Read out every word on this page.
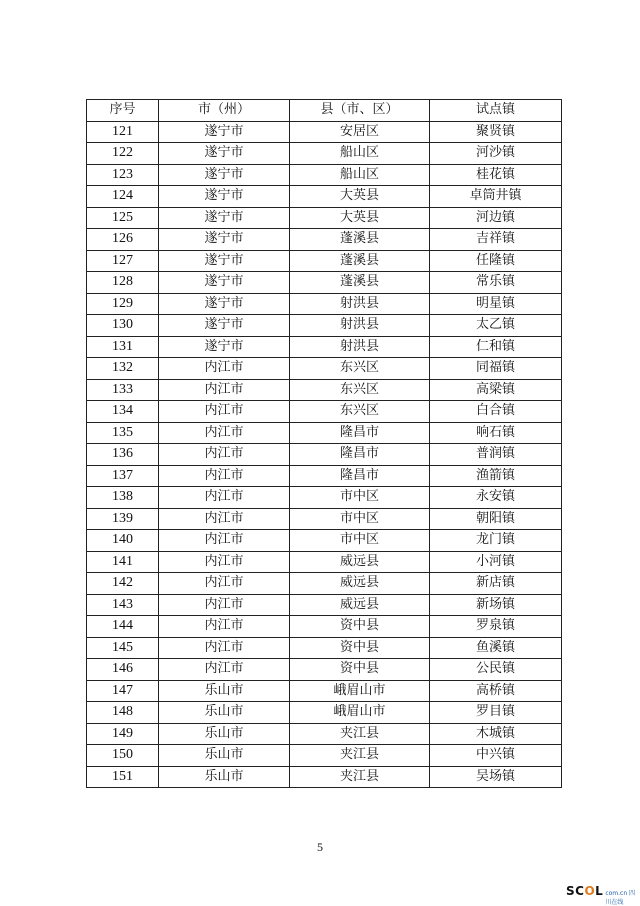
序号	市（州）	县（市、区）	试点镇
121	遂宁市	安居区	聚贤镇
122	遂宁市	船山区	河沙镇
123	遂宁市	船山区	桂花镇
124	遂宁市	大英县	卓筒井镇
125	遂宁市	大英县	河边镇
126	遂宁市	蓬溪县	吉祥镇
127	遂宁市	蓬溪县	任隆镇
128	遂宁市	蓬溪县	常乐镇
129	遂宁市	射洪县	明星镇
130	遂宁市	射洪县	太乙镇
131	遂宁市	射洪县	仁和镇
132	内江市	东兴区	同福镇
133	内江市	东兴区	高梁镇
134	内江市	东兴区	白合镇
135	内江市	隆昌市	响石镇
136	内江市	隆昌市	普润镇
137	内江市	隆昌市	渔箭镇
138	内江市	市中区	永安镇
139	内江市	市中区	朝阳镇
140	内江市	市中区	龙门镇
141	内江市	威远县	小河镇
142	内江市	威远县	新店镇
143	内江市	威远县	新场镇
144	内江市	资中县	罗泉镇
145	内江市	资中县	鱼溪镇
146	内江市	资中县	公民镇
147	乐山市	峨眉山市	高桥镇
148	乐山市	峨眉山市	罗目镇
149	乐山市	夹江县	木城镇
150	乐山市	夹江县	中兴镇
151	乐山市	夹江县	吴场镇
5
SCOL com.cn 四川在线
